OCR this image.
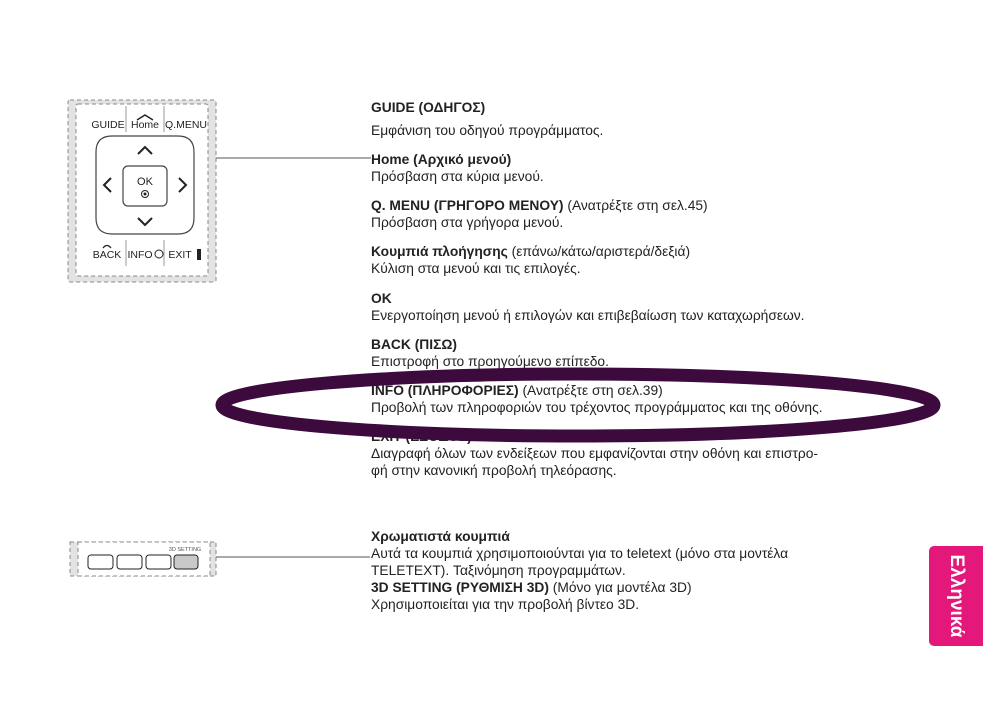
GUIDE Home Q.MENU
OK
BACK INFO EXIT
3D SETTING
GUIDE (ΟΔΗΓΟΣ)
Εμφάνιση του οδηγού προγράμματος.
Home (Αρχικό μενού)
Πρόσβαση στα κύρια μενού.
Q. MENU (ΓΡΗΓΟΡΟ ΜΕΝΟΥ) (Ανατρέξτε στη σελ.45)
Πρόσβαση στα γρήγορα μενού.
Κουμπιά πλοήγησης (επάνω/κάτω/αριστερά/δεξιά)
Κύλιση στα μενού και τις επιλογές.
OK
Ενεργοποίηση μενού ή επιλογών και επιβεβαίωση των καταχωρήσεων.
BACK (ΠΙΣΩ)
Επιστροφή στο προηγούμενο επίπεδο.
INFO (ΠΛΗΡΟΦΟΡΙΕΣ) (Ανατρέξτε στη σελ.39)
Προβολή των πληροφοριών του τρέχοντος προγράμματος και της οθόνης.
EXIT (ΕΞΟΔΟΣ)
Διαγραφή όλων των ενδείξεων που εμφανίζονται στην οθόνη και επιστρο-
φή στην κανονική προβολή τηλεόρασης.
Χρωματιστά κουμπιά
Αυτά τα κουμπιά χρησιμοποιούνται για το teletext (μόνο στα μοντέλα
TELETEXT). Ταξινόμηση προγραμμάτων.
3D SETTING (ΡΥΘΜΙΣΗ 3D) (Μόνο για μοντέλα 3D)
Χρησιμοποιείται για την προβολή βίντεο 3D.	Ελληνικά
